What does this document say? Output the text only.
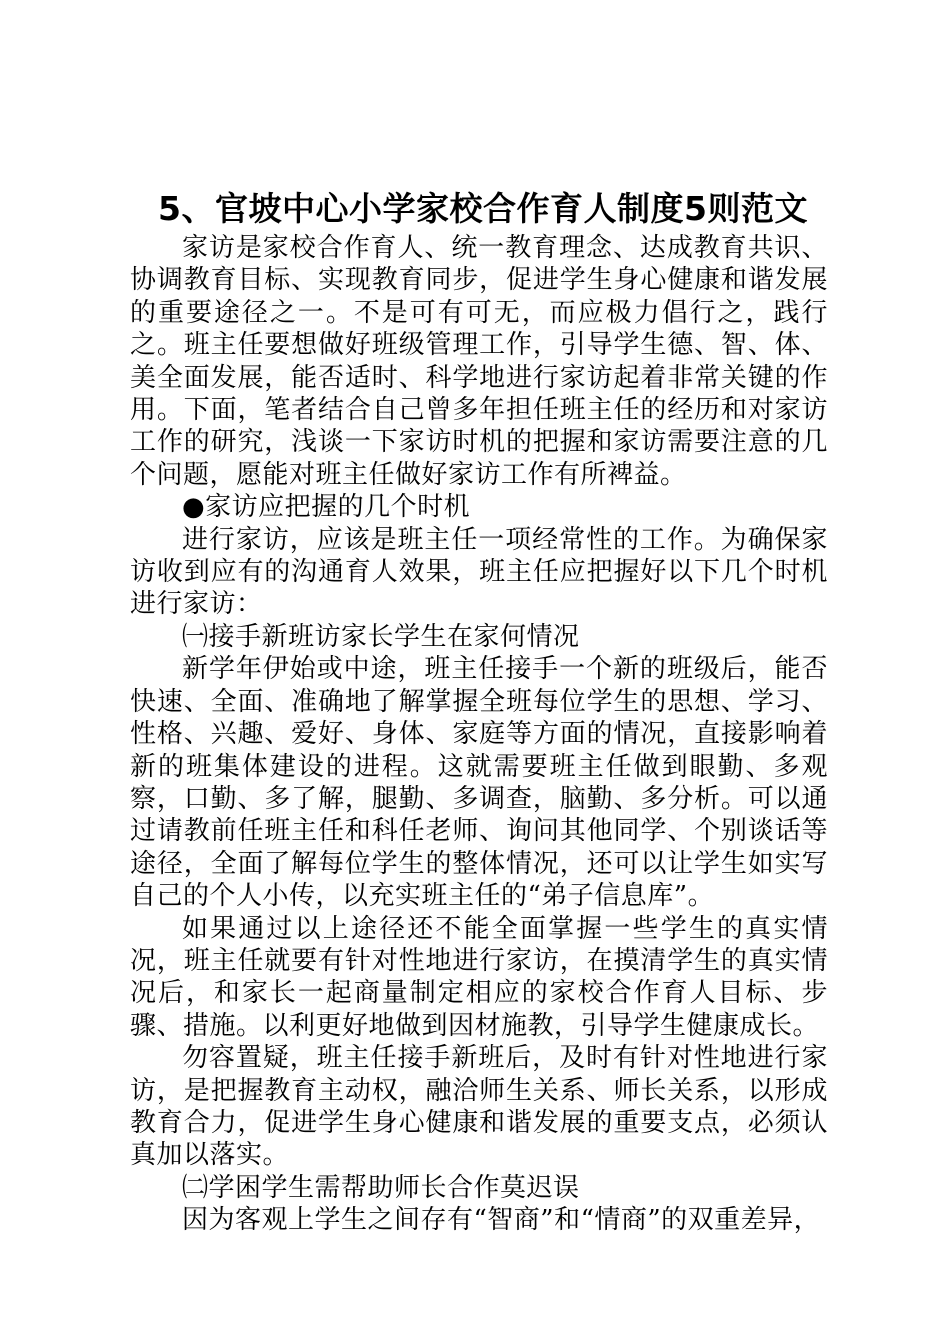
5、官坡中心小学家校合作育人制度5则范文

家访是家校合作育人、统一教育理念、达成教育共识、协调教育目标、实现教育同步，促进学生身心健康和谐发展的重要途径之一。不是可有可无，而应极力倡行之，践行之。班主任要想做好班级管理工作，引导学生德、智、体、美全面发展，能否适时、科学地进行家访起着非常关键的作用。下面，笔者结合自己曾多年担任班主任的经历和对家访工作的研究，浅谈一下家访时机的把握和家访需要注意的几个问题，愿能对班主任做好家访工作有所裨益。

●家访应把握的几个时机

进行家访，应该是班主任一项经常性的工作。为确保家访收到应有的沟通育人效果，班主任应把握好以下几个时机进行家访：

㈠接手新班访家长学生在家何情况

新学年伊始或中途，班主任接手一个新的班级后，能否快速、全面、准确地了解掌握全班每位学生的思想、学习、性格、兴趣、爱好、身体、家庭等方面的情况，直接影响着新的班集体建设的进程。这就需要班主任做到眼勤、多观察，口勤、多了解，腿勤、多调查，脑勤、多分析。可以通过请教前任班主任和科任老师、询问其他同学、个别谈话等途径，全面了解每位学生的整体情况，还可以让学生如实写自己的个人小传，以充实班主任的“弟子信息库”。

如果通过以上途径还不能全面掌握一些学生的真实情况，班主任就要有针对性地进行家访，在摸清学生的真实情况后，和家长一起商量制定相应的家校合作育人目标、步骤、措施。以利更好地做到因材施教，引导学生健康成长。

勿容置疑，班主任接手新班后，及时有针对性地进行家访，是把握教育主动权，融洽师生关系、师长关系，以形成教育合力，促进学生身心健康和谐发展的重要支点，必须认真加以落实。

㈡学困学生需帮助师长合作莫迟误

因为客观上学生之间存有“智商”和“情商”的双重差异，
